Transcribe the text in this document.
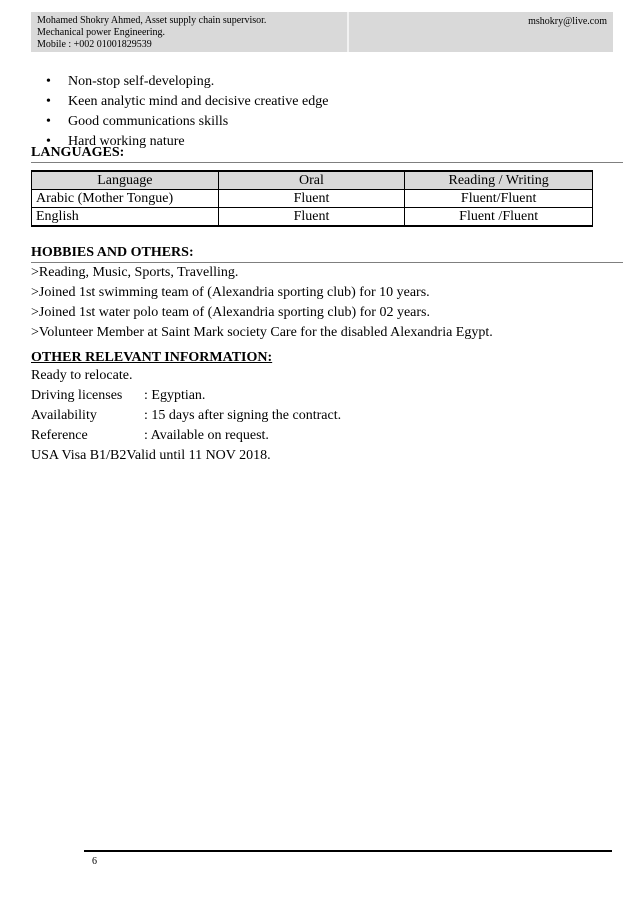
Mohamed Shokry Ahmed, Asset supply chain supervisor.
Mechanical power Engineering.
Mobile : +002 01001829539
mshokry@live.com
•	Non-stop self-developing.
•	Keen analytic mind and decisive creative edge
•	Good communications skills
•	Hard working nature
LANGUAGES:
Language	Oral	Reading / Writing
Arabic (Mother Tongue)	Fluent	Fluent/Fluent
English	Fluent	Fluent /Fluent
HOBBIES AND OTHERS:
>Reading, Music, Sports, Travelling.
>Joined 1st swimming team of (Alexandria sporting club) for 10 years.
>Joined 1st water polo team of (Alexandria sporting club) for 02 years.
>Volunteer Member at Saint Mark society Care for the disabled Alexandria Egypt.
OTHER RELEVANT INFORMATION:
Ready to relocate.
Driving licenses : Egyptian.
Availability	: 15 days after signing the contract.
Reference	: Available on request.
USA Visa B1/B2Valid until 11 NOV 2018.
6
